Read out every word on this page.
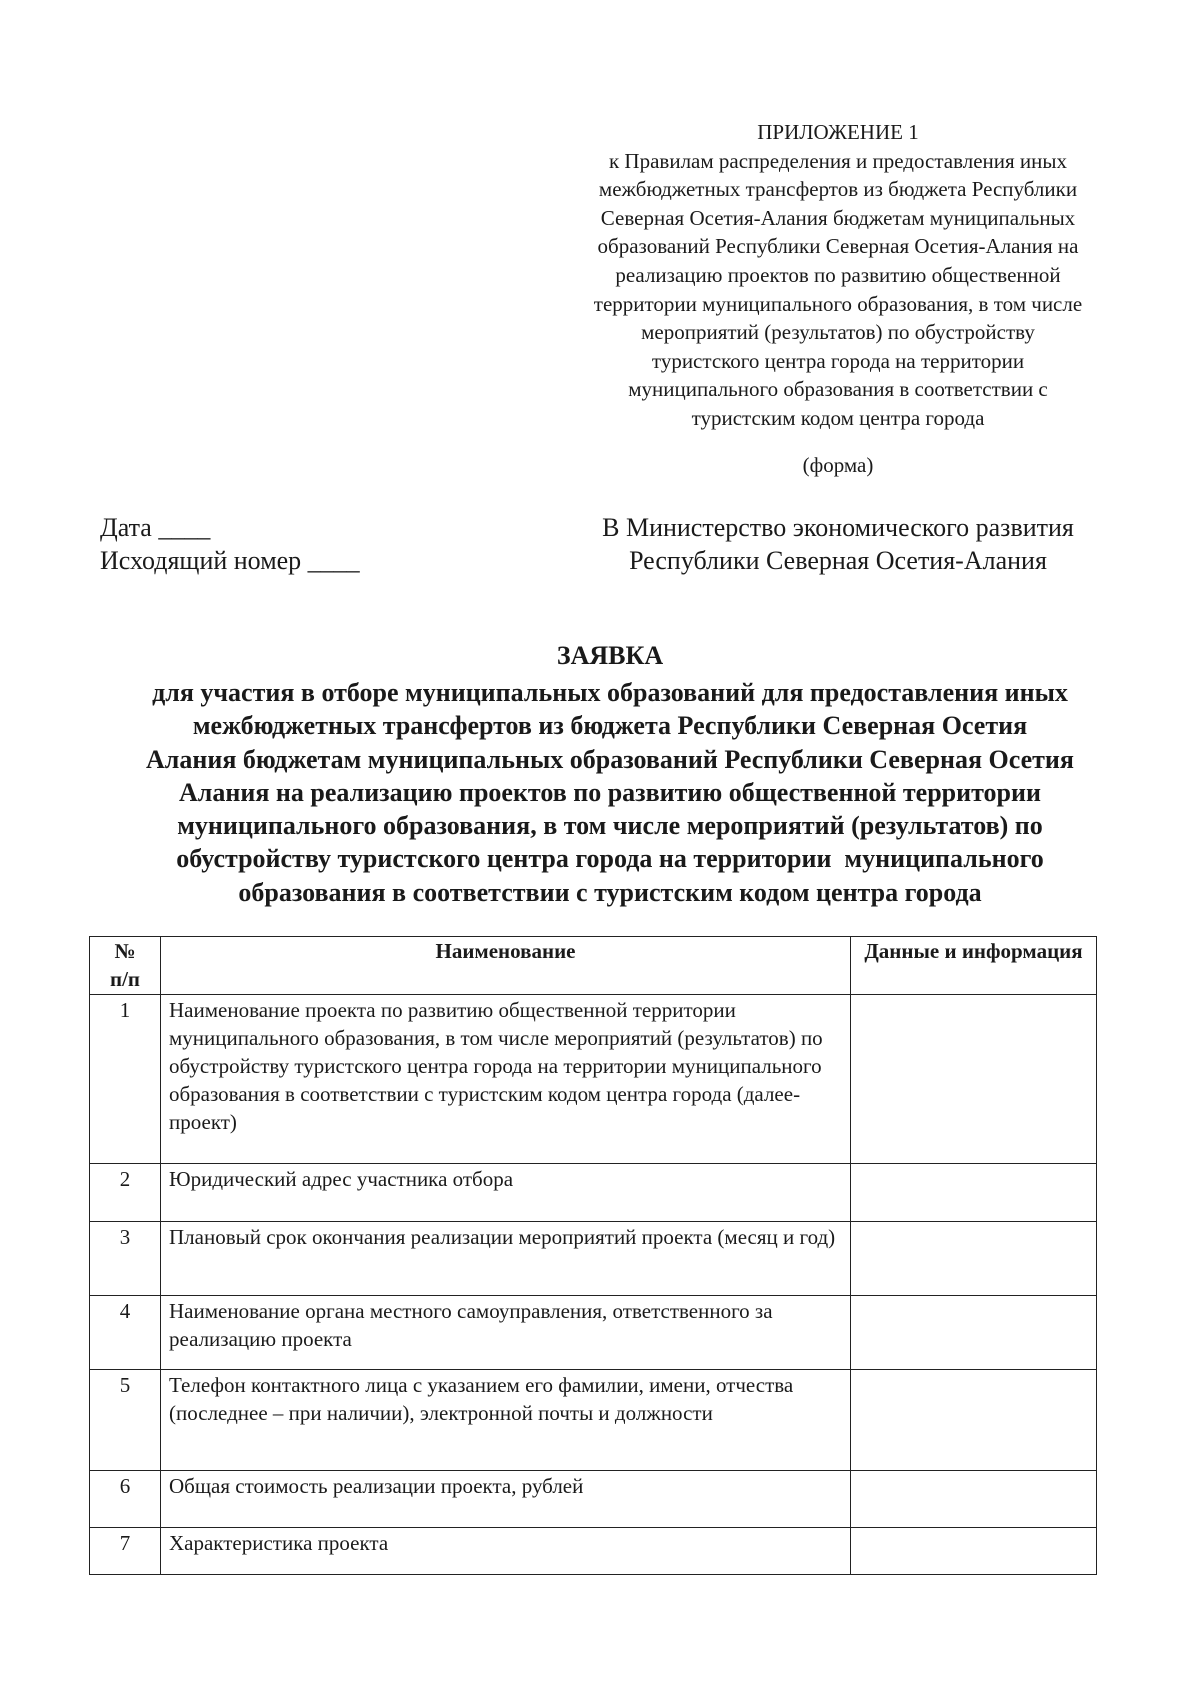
ПРИЛОЖЕНИЕ 1
к Правилам распределения и предоставления иных
межбюджетных трансфертов из бюджета Республики
Северная Осетия-Алания бюджетам муниципальных
образований Республики Северная Осетия-Алания на
реализацию проектов по развитию общественной
территории муниципального образования, в том числе
мероприятий (результатов) по обустройству
туристского центра города на территории
муниципального образования в соответствии с
туристским кодом центра города
(форма)
Дата ____
Исходящий номер ____
В Министерство экономического развития
Республики Северная Осетия-Алания
ЗАЯВКА
для участия в отборе муниципальных образований для предоставления иных
межбюджетных трансфертов из бюджета Республики Северная Осетия
Алания бюджетам муниципальных образований Республики Северная Осетия
Алания на реализацию проектов по развитию общественной территории
муниципального образования, в том числе мероприятий (результатов) по
обустройству туристского центра города на территории  муниципального
образования в соответствии с туристским кодом центра города
№
п/п	Наименование	Данные и информация
1	Наименование проекта по развитию общественной территории муниципального образования, в том числе мероприятий (результатов) по обустройству туристского центра города на территории муниципального образования в соответствии с туристским кодом центра города (далее-проект)	
2	Юридический адрес участника отбора	
3	Плановый срок окончания реализации мероприятий проекта (месяц и год)	
4	Наименование органа местного самоуправления, ответственного за реализацию проекта	
5	Телефон контактного лица с указанием его фамилии, имени, отчества (последнее – при наличии), электронной почты и должности	
6	Общая стоимость реализации проекта, рублей	
7	Характеристика проекта	
